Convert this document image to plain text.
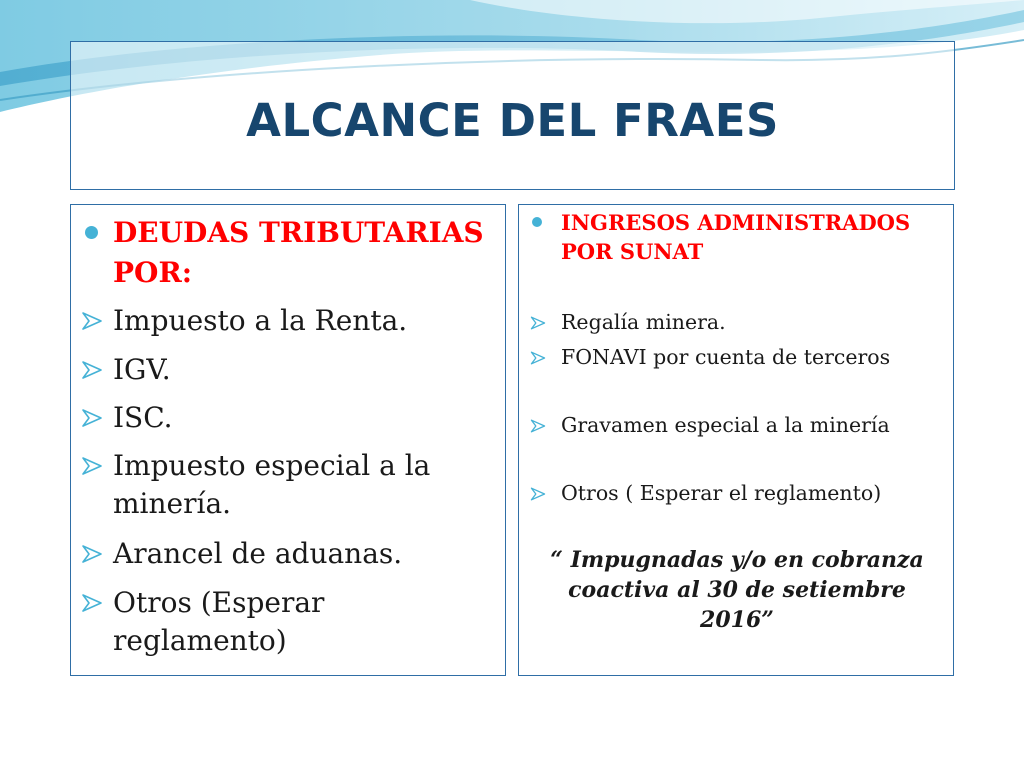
ALCANCE DEL FRAES
DEUDAS TRIBUTARIAS POR:
Impuesto a la Renta.
IGV.
ISC.
Impuesto especial a la minería.
Arancel de aduanas.
Otros (Esperar reglamento)
INGRESOS ADMINISTRADOS POR SUNAT
Regalía minera.
FONAVI por cuenta de terceros
Gravamen especial a la minería
Otros ( Esperar el reglamento)
“ Impugnadas y/o en cobranza coactiva al 30 de setiembre 2016”
